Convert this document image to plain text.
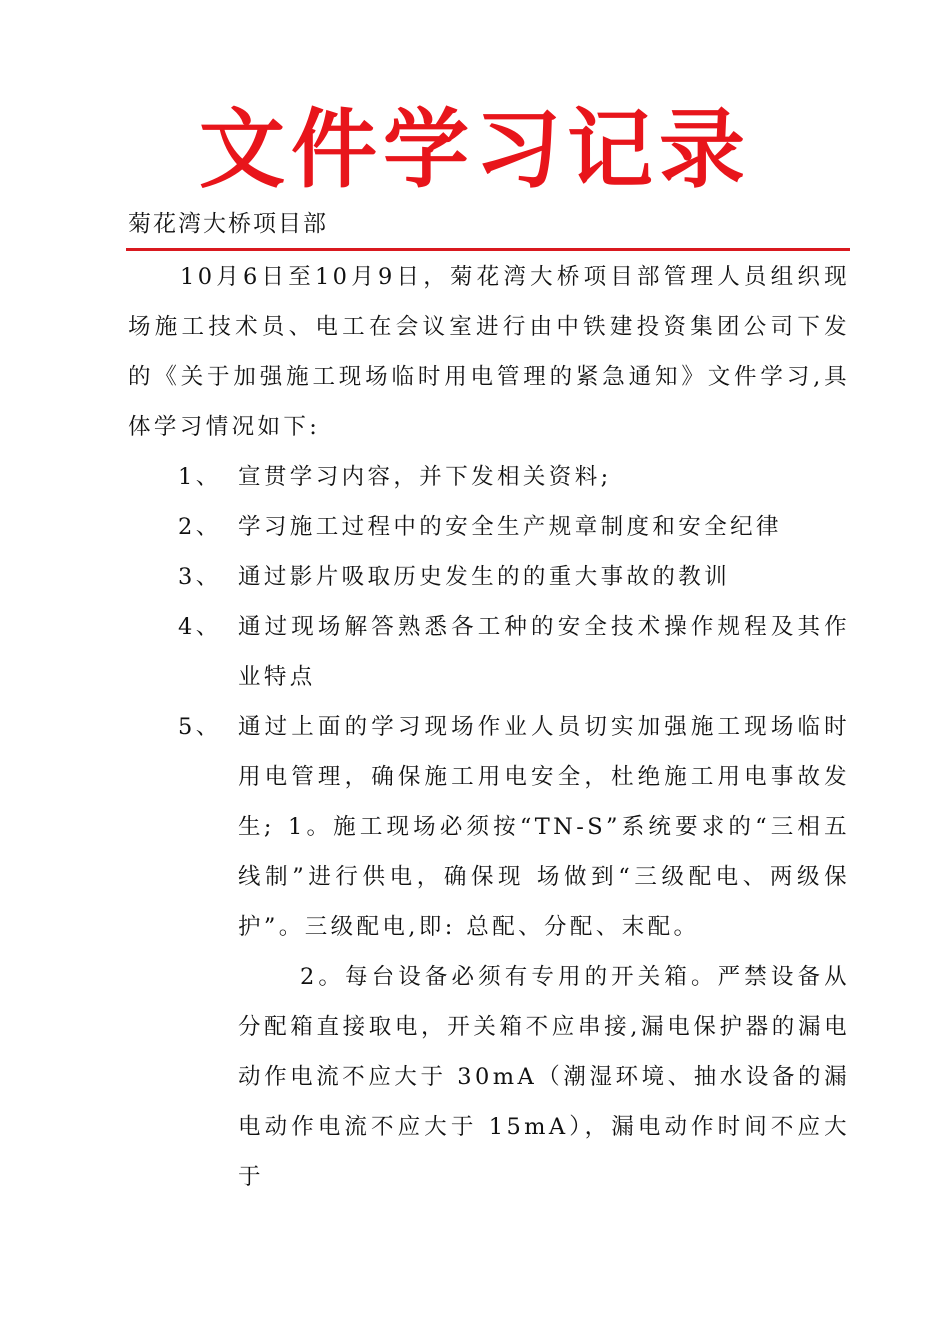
文件学习记录
菊花湾大桥项目部

10月6日至10月9日，菊花湾大桥项目部管理人员组织现场施工技术员、电工在会议室进行由中铁建投资集团公司下发的《关于加强施工现场临时用电管理的紧急通知》文件学习,具体学习情况如下:

1、 宣贯学习内容，并下发相关资料;
2、 学习施工过程中的安全生产规章制度和安全纪律
3、 通过影片吸取历史发生的的重大事故的教训
4、 通过现场解答熟悉各工种的安全技术操作规程及其作业特点
5、 通过上面的学习现场作业人员切实加强施工现场临时用电管理，确保施工用电安全，杜绝施工用电事故发生; 1。施工现场必须按“TN-S”系统要求的“三相五线制”进行供电，确保现 场做到“三级配电、两级保护”。三级配电,即: 总配、分配、末配。

2。每台设备必须有专用的开关箱。严禁设备从分配箱直接取电，开关箱不应串接,漏电保护器的漏电动作电流不应大于 30mA（潮湿环境、抽水设备的漏电动作电流不应大于 15mA），漏电动作时间不应大于
